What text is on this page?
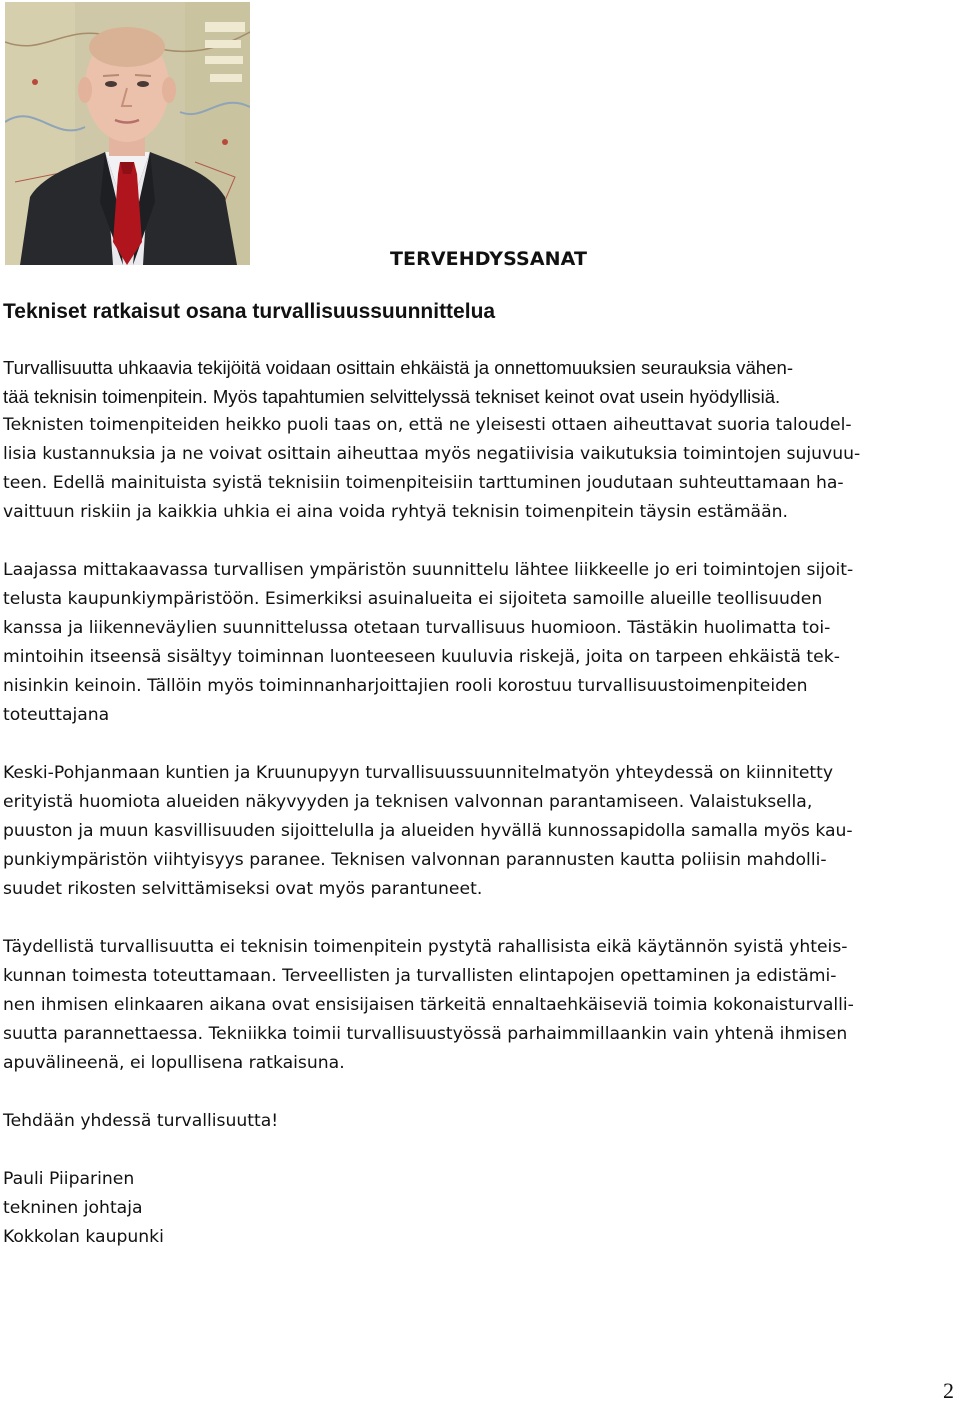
TERVEHDYSSANAT
Tekniset ratkaisut osana turvallisuussuunnittelua

Turvallisuutta uhkaavia tekijöitä voidaan osittain ehkäistä ja onnettomuuksien seurauksia vähen-
tää teknisin toimenpitein. Myös tapahtumien selvittelyssä tekniset keinot ovat usein hyödyllisiä.
Teknisten toimenpiteiden heikko puoli taas on, että ne yleisesti ottaen aiheuttavat suoria taloudel-
lisia kustannuksia ja ne voivat osittain aiheuttaa myös negatiivisia vaikutuksia toimintojen sujuvuu-
teen. Edellä mainituista syistä teknisiin toimenpiteisiin tarttuminen joudutaan suhteuttamaan ha-
vaittuun riskiin ja kaikkia uhkia ei aina voida ryhtyä teknisin toimenpitein täysin estämään.

Laajassa mittakaavassa turvallisen ympäristön suunnittelu lähtee liikkeelle jo eri toimintojen sijoit-
telusta kaupunkiympäristöön. Esimerkiksi asuinalueita ei sijoiteta samoille alueille teollisuuden
kanssa ja liikenneväylien suunnittelussa otetaan turvallisuus huomioon. Tästäkin huolimatta toi-
mintoihin itseensä sisältyy toiminnan luonteeseen kuuluvia riskejä, joita on tarpeen ehkäistä tek-
nisinkin keinoin. Tällöin myös toiminnanharjoittajien rooli korostuu turvallisuustoimenpiteiden
toteuttajana

Keski-Pohjanmaan kuntien ja Kruunupyyn turvallisuussuunnitelmatyön yhteydessä on kiinnitetty
erityistä huomiota alueiden näkyvyyden ja teknisen valvonnan parantamiseen. Valaistuksella,
puuston ja muun kasvillisuuden sijoittelulla ja alueiden hyvällä kunnossapidolla samalla myös kau-
punkiympäristön viihtyisyys paranee. Teknisen valvonnan parannusten kautta poliisin mahdolli-
suudet rikosten selvittämiseksi ovat myös parantuneet.

Täydellistä turvallisuutta ei teknisin toimenpitein pystytä rahallisista eikä käytännön syistä yhteis-
kunnan toimesta toteuttamaan. Terveellisten ja turvallisten elintapojen opettaminen ja edistämi-
nen ihmisen elinkaaren aikana ovat ensisijaisen tärkeitä ennaltaehkäiseviä toimia kokonaisturvalli-
suutta parannettaessa. Tekniikka toimii turvallisuustyössä parhaimmillaankin vain yhtenä ihmisen
apuvälineenä, ei lopullisena ratkaisuna.

Tehdään yhdessä turvallisuutta!

Pauli Piiparinen
tekninen johtaja
Kokkolan kaupunki

2
